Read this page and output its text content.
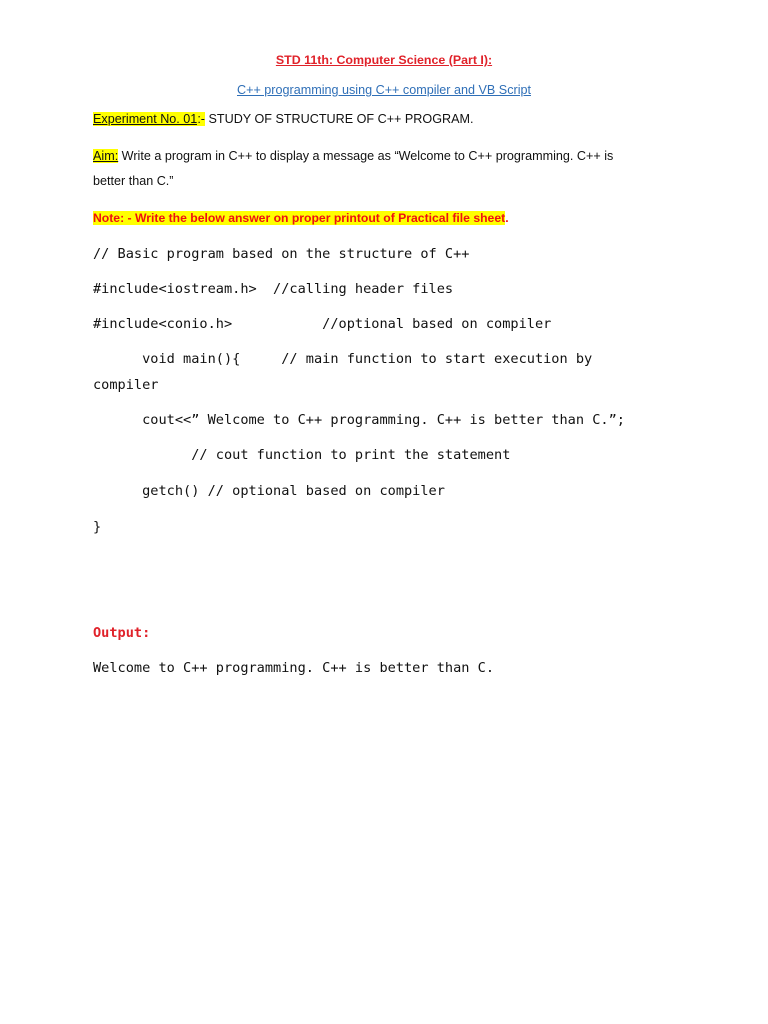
STD 11th: Computer Science (Part I):
C++ programming using C++ compiler and VB Script
Experiment No. 01:- STUDY OF STRUCTURE OF C++ PROGRAM.
Aim: Write a program in C++ to display a message as “Welcome to C++ programming. C++ is
better than C.”
Note: - Write the below answer on proper printout of Practical file sheet.
// Basic program based on the structure of C++
#include<iostream.h>  //calling header files
#include<conio.h>           //optional based on compiler
void main(){     // main function to start execution by
compiler
cout<<” Welcome to C++ programming. C++ is better than C.”;
// cout function to print the statement
getch() // optional based on compiler
}
Output:
Welcome to C++ programming. C++ is better than C.
